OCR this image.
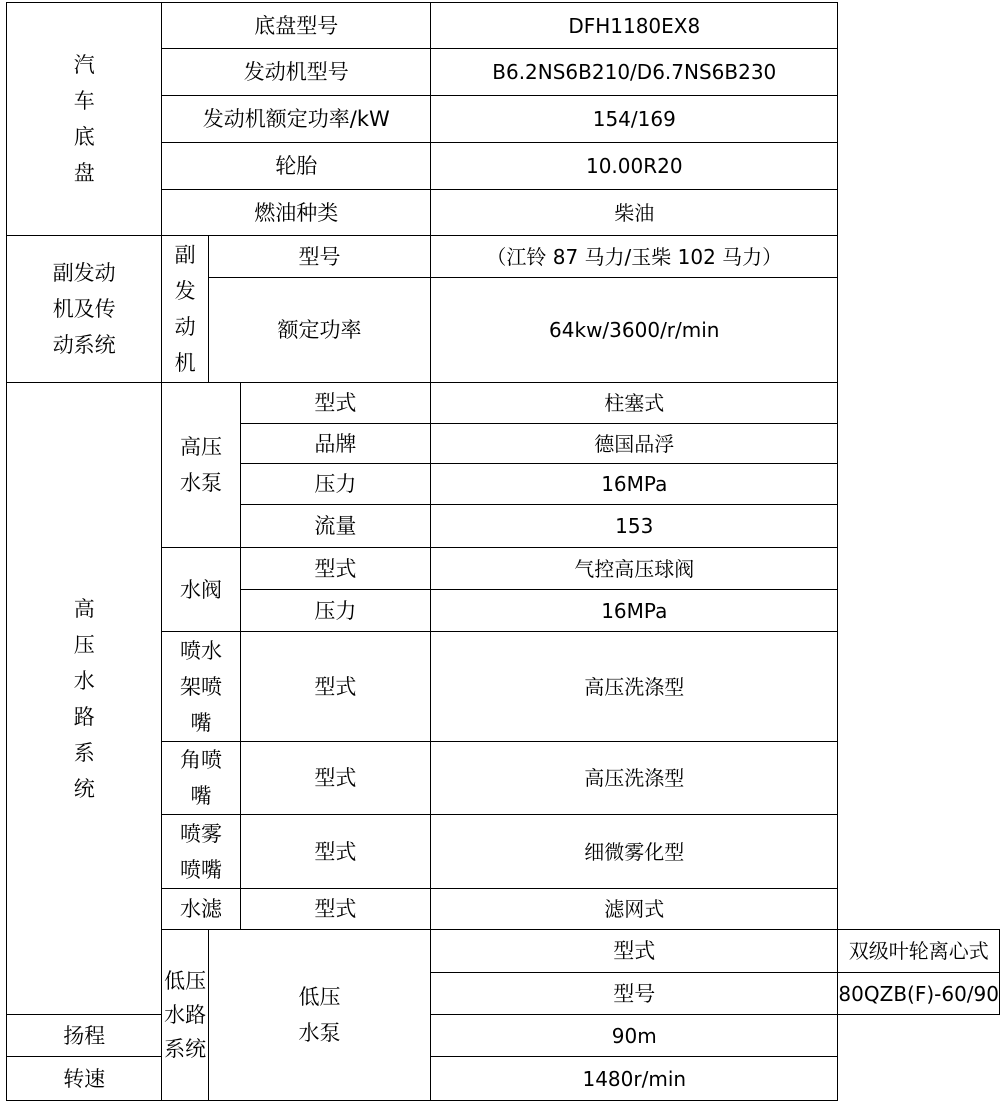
汽车底盘	底盘型号			DFH1180EX8	
	发动机型号			B6.2NS6B210/D6.7NS6B230	
	发动机额定功率/kW			154/169	
	轮胎			10.00R20	
	燃油种类			柴油	
副发动机及传动系统	副发动机	型号		（江铃 87 马力/玉柴 102 马力）	
		额定功率		64kw/3600/r/min	
高压水路系统	高压水泵		型式	柱塞式	
			品牌	德国品浮	
			压力	16MPa	
			流量	153	
	水阀		型式	气控高压球阀	
			压力	16MPa	
	喷水架喷嘴		型式	高压洗涤型	
	角喷嘴		型式	高压洗涤型	
	喷雾喷嘴		型式	细微雾化型	
	水滤		型式	滤网式	
	低压水路系统	低压水泵		型式	双级叶轮离心式
				型号	80QZB(F)-60/90
扬程				90m	
转速				1480r/min	
